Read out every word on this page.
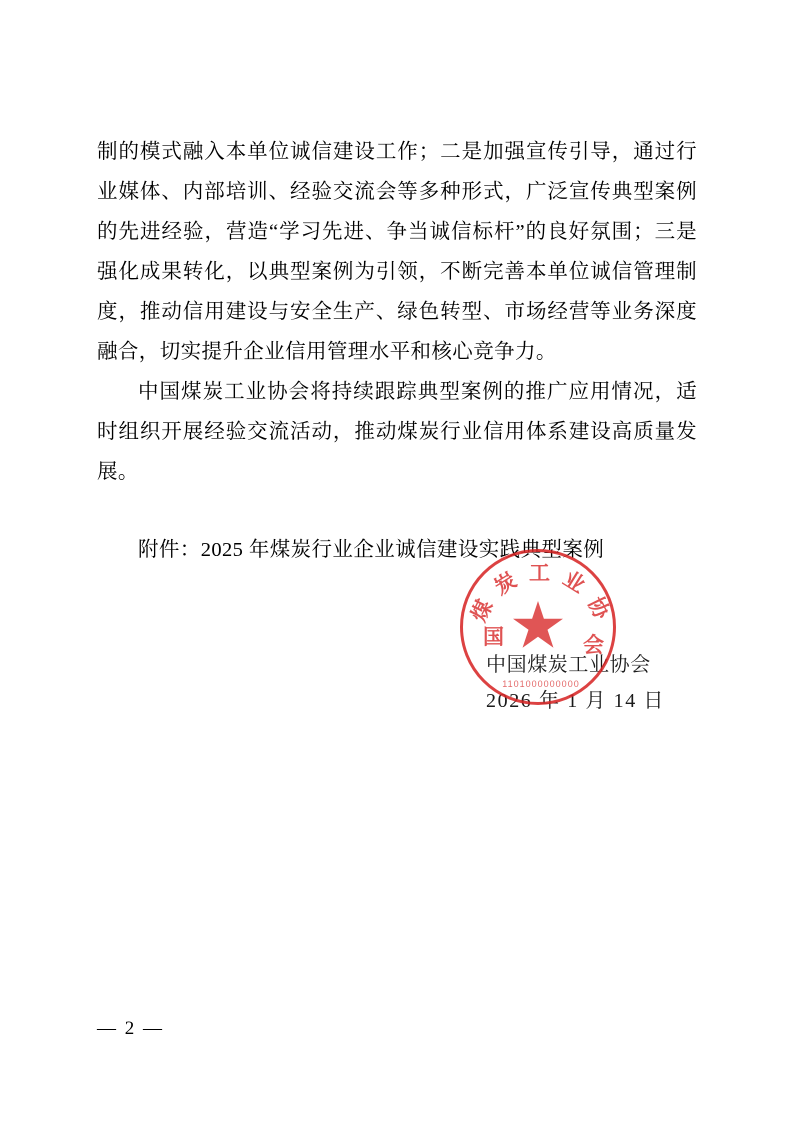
制的模式融入本单位诚信建设工作；二是加强宣传引导，通过行业媒体、内部培训、经验交流会等多种形式，广泛宣传典型案例的先进经验，营造“学习先进、争当诚信标杆”的良好氛围；三是强化成果转化，以典型案例为引领，不断完善本单位诚信管理制度，推动信用建设与安全生产、绿色转型、市场经营等业务深度融合，切实提升企业信用管理水平和核心竞争力。

中国煤炭工业协会将持续跟踪典型案例的推广应用情况，适时组织开展经验交流活动，推动煤炭行业信用体系建设高质量发展。

附件：2025 年煤炭行业企业诚信建设实践典型案例
煤 炭 工 业 协
国	会
1101000000000
中国煤炭工业协会
2026 年 1 月 14 日
— 2 —
